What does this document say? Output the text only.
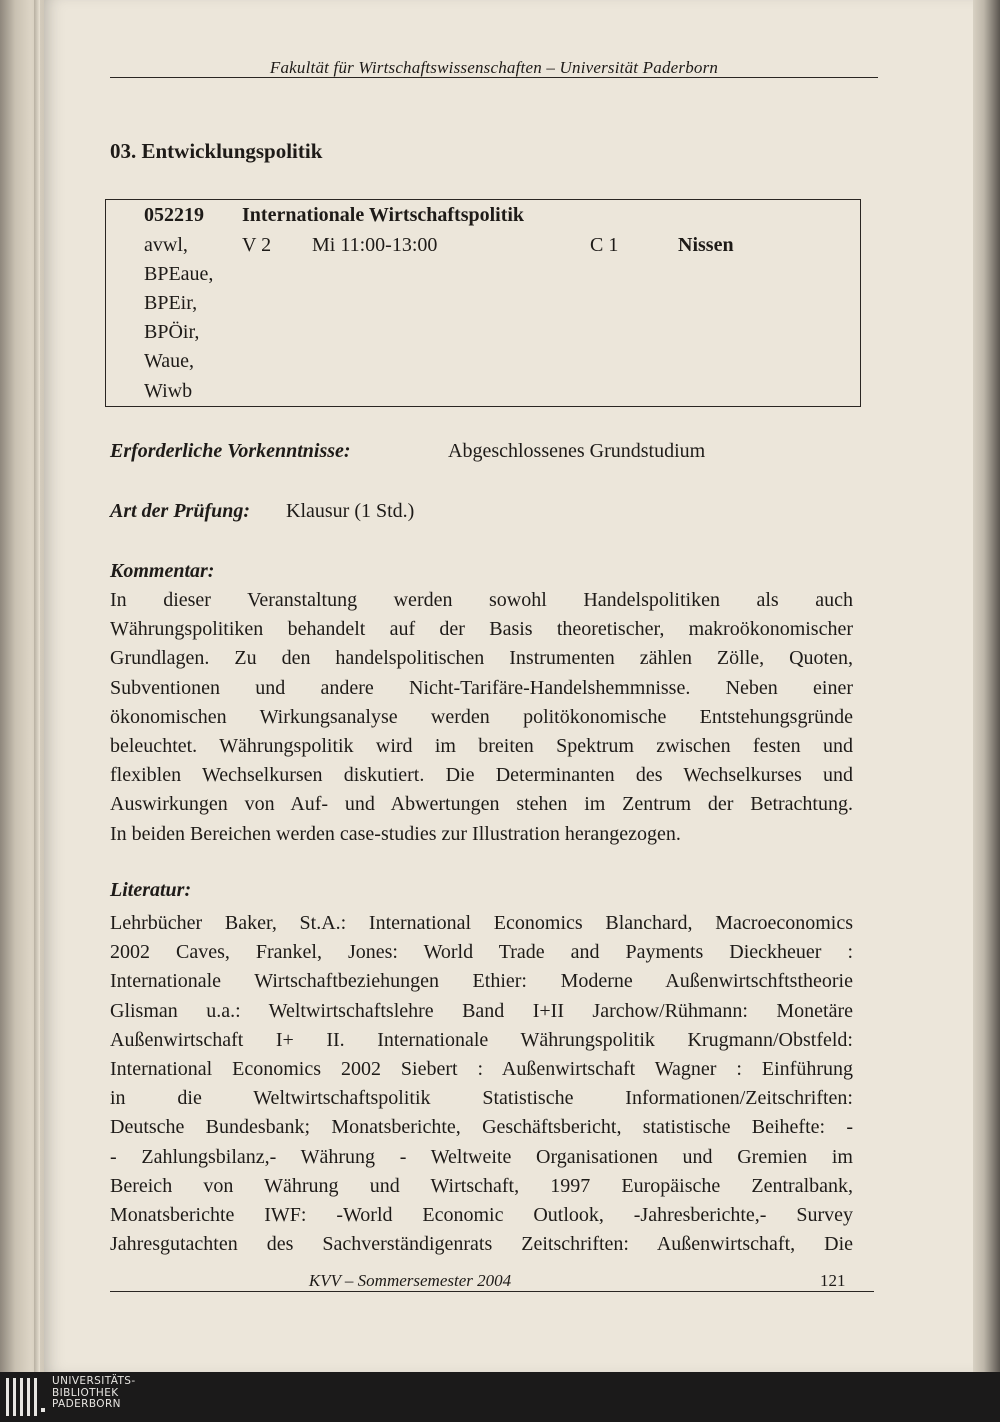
Fakultät für Wirtschaftswissenschaften – Universität Paderborn
03. Entwicklungspolitik
052219 Internationale Wirtschaftspolitik
avwl,	V 2 Mi 11:00-13:00	C 1	Nissen
BPEaue,
BPEir,
BPÖir,
Waue,
Wiwb
Erforderliche Vorkenntnisse:	Abgeschlossenes Grundstudium
Art der Prüfung: Klausur (1 Std.)
Kommentar:
In dieser Veranstaltung werden sowohl Handelspolitiken als auch
Währungspolitiken behandelt auf der Basis theoretischer, makroökonomischer
Grundlagen. Zu den handelspolitischen Instrumenten zählen Zölle, Quoten,
Subventionen und andere Nicht-Tarifäre-Handelshemmnisse. Neben einer
ökonomischen Wirkungsanalyse werden politökonomische Entstehungsgründe
beleuchtet. Währungspolitik wird im breiten Spektrum zwischen festen und
flexiblen Wechselkursen diskutiert. Die Determinanten des Wechselkurses und
Auswirkungen von Auf- und Abwertungen stehen im Zentrum der Betrachtung.
In beiden Bereichen werden case-studies zur Illustration herangezogen.
Literatur:
Lehrbücher Baker, St.A.: International Economics Blanchard, Macroeconomics
2002 Caves, Frankel, Jones: World Trade and Payments Dieckheuer :
Internationale Wirtschaftbeziehungen Ethier: Moderne Außenwirtschftstheorie
Glisman u.a.: Weltwirtschaftslehre Band I+II Jarchow/Rühmann: Monetäre
Außenwirtschaft I+ II. Internationale Währungspolitik Krugmann/Obstfeld:
International Economics 2002 Siebert : Außenwirtschaft Wagner : Einführung
in die Weltwirtschaftspolitik Statistische Informationen/Zeitschriften:
Deutsche Bundesbank; Monatsberichte, Geschäftsbericht, statistische Beihefte: -
- Zahlungsbilanz,- Währung - Weltweite Organisationen und Gremien im
Bereich von Währung und Wirtschaft, 1997 Europäische Zentralbank,
Monatsberichte IWF: -World Economic Outlook, -Jahresberichte,- Survey
Jahresgutachten des Sachverständigenrats Zeitschriften: Außenwirtschaft, Die
KVV – Sommersemester 2004	121
UNIVERSITÄTS-
BIBLIOTHEK
PADERBORN
